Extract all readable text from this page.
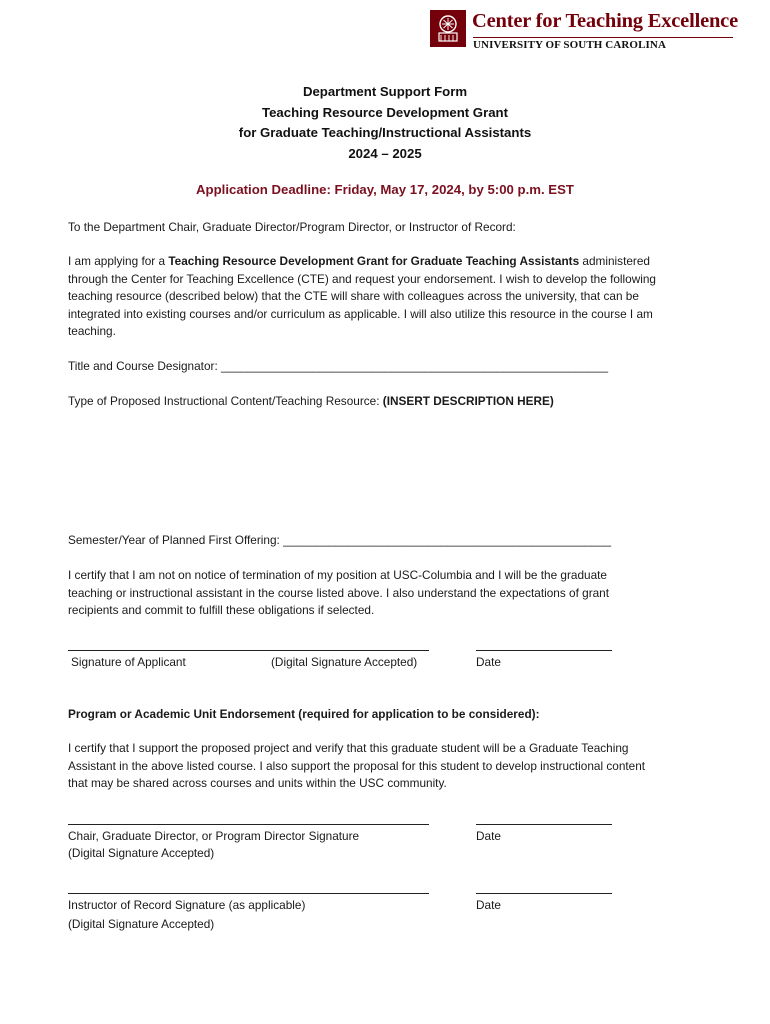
Center for Teaching Excellence
UNIVERSITY OF SOUTH CAROLINA
Department Support Form
Teaching Resource Development Grant
for Graduate Teaching/Instructional Assistants
2024 – 2025
Application Deadline: Friday, May 17, 2024, by 5:00 p.m. EST
To the Department Chair, Graduate Director/Program Director, or Instructor of Record:
I am applying for a Teaching Resource Development Grant for Graduate Teaching Assistants administered
through the Center for Teaching Excellence (CTE) and request your endorsement. I wish to develop the following
teaching resource (described below) that the CTE will share with colleagues across the university, that can be
integrated into existing courses and/or curriculum as applicable. I will also utilize this resource in the course I am
teaching.
Title and Course Designator: ___________________________________________________________
Type of Proposed Instructional Content/Teaching Resource: (INSERT DESCRIPTION HERE)
Semester/Year of Planned First Offering: __________________________________________________
I certify that I am not on notice of termination of my position at USC-Columbia and I will be the graduate
teaching or instructional assistant in the course listed above. I also understand the expectations of grant
recipients and commit to fulfill these obligations if selected.
Signature of Applicant	(Digital Signature Accepted)	Date
Program or Academic Unit Endorsement (required for application to be considered):
I certify that I support the proposed project and verify that this graduate student will be a Graduate Teaching
Assistant in the above listed course. I also support the proposal for this student to develop instructional content
that may be shared across courses and units within the USC community.
Chair, Graduate Director, or Program Director Signature
(Digital Signature Accepted)
Date
Instructor of Record Signature (as applicable)
(Digital Signature Accepted)
Date
